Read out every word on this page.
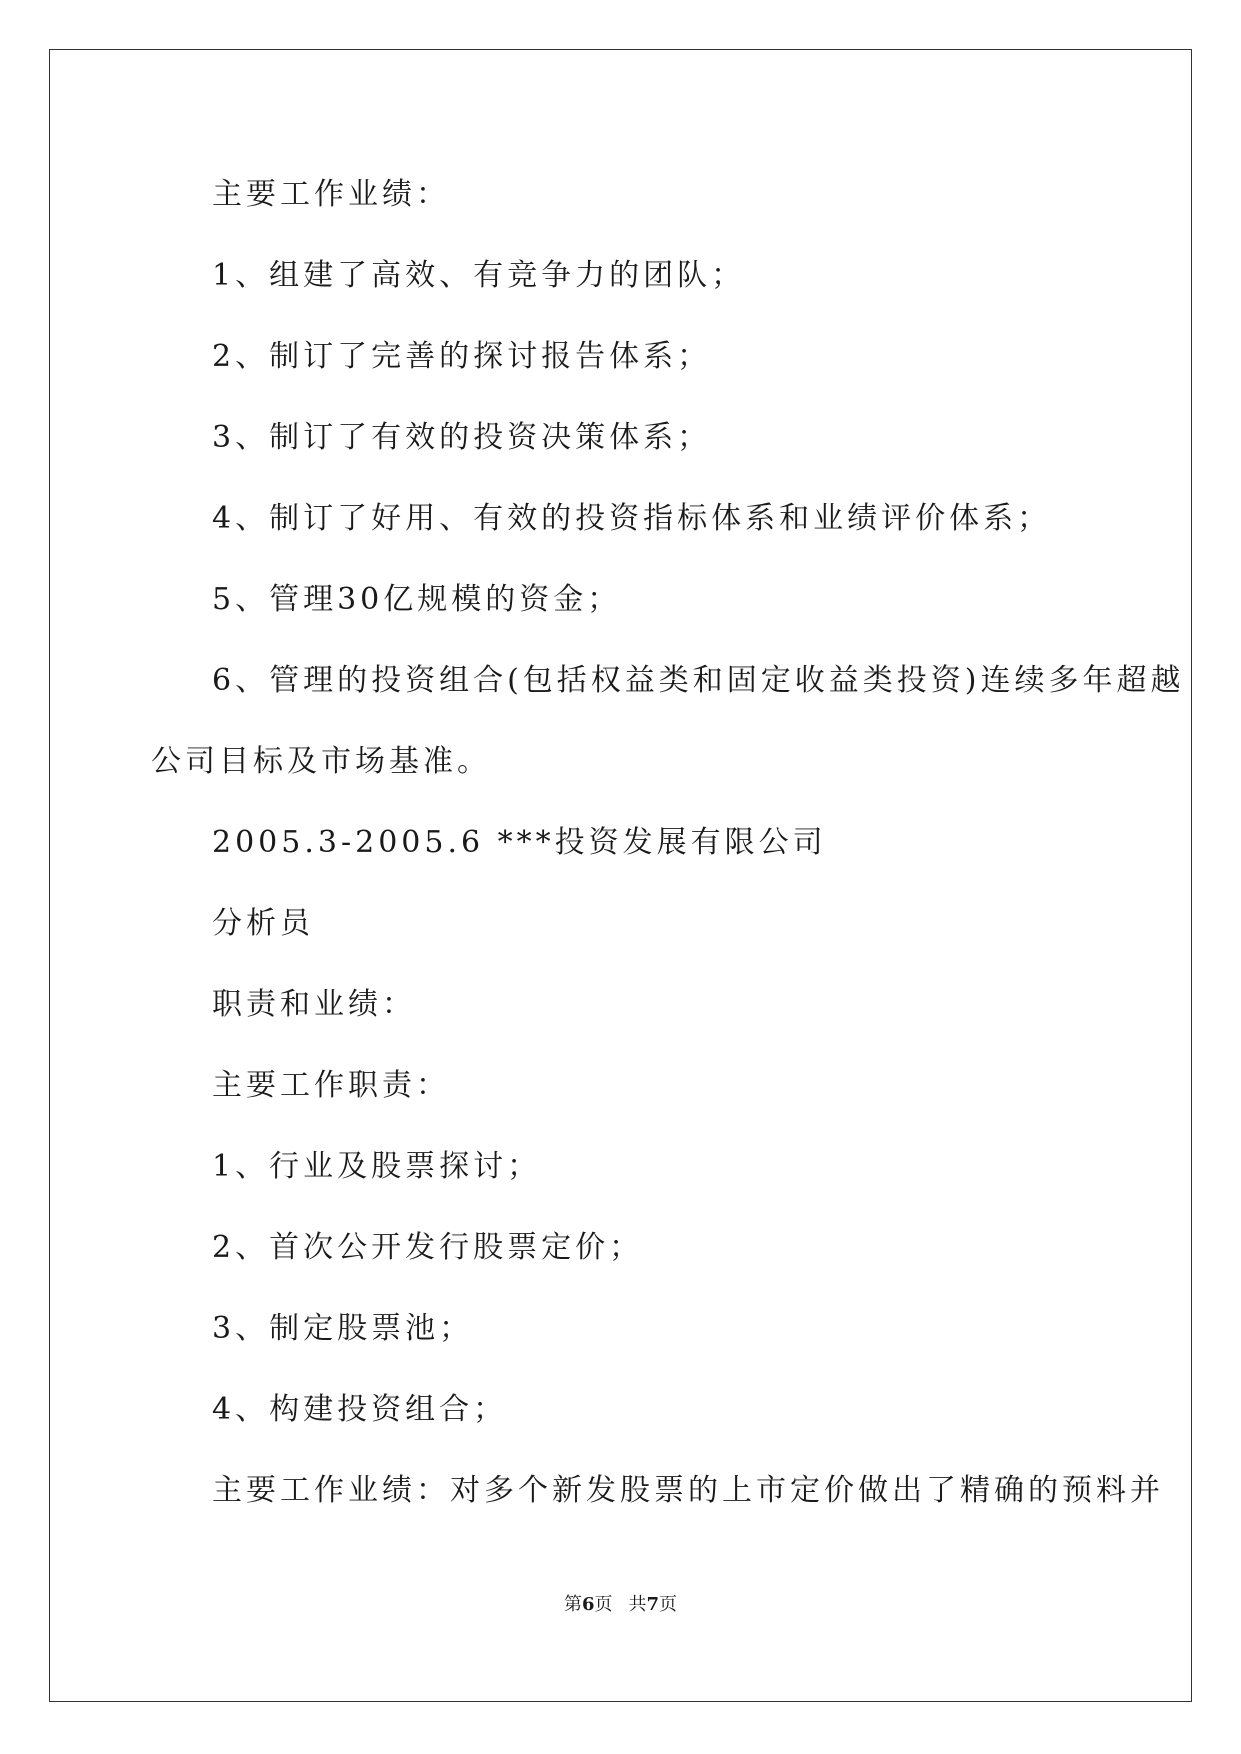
主要工作业绩：
1、组建了高效、有竞争力的团队；
2、制订了完善的探讨报告体系；
3、制订了有效的投资决策体系；
4、制订了好用、有效的投资指标体系和业绩评价体系；
5、管理30亿规模的资金；
6、管理的投资组合(包括权益类和固定收益类投资)连续多年超越
公司目标及市场基准。
2005.3-2005.6 ***投资发展有限公司
分析员
职责和业绩：
主要工作职责：
1、行业及股票探讨；
2、首次公开发行股票定价；
3、制定股票池；
4、构建投资组合；
主要工作业绩：对多个新发股票的上市定价做出了精确的预料并
第6页 共7页
